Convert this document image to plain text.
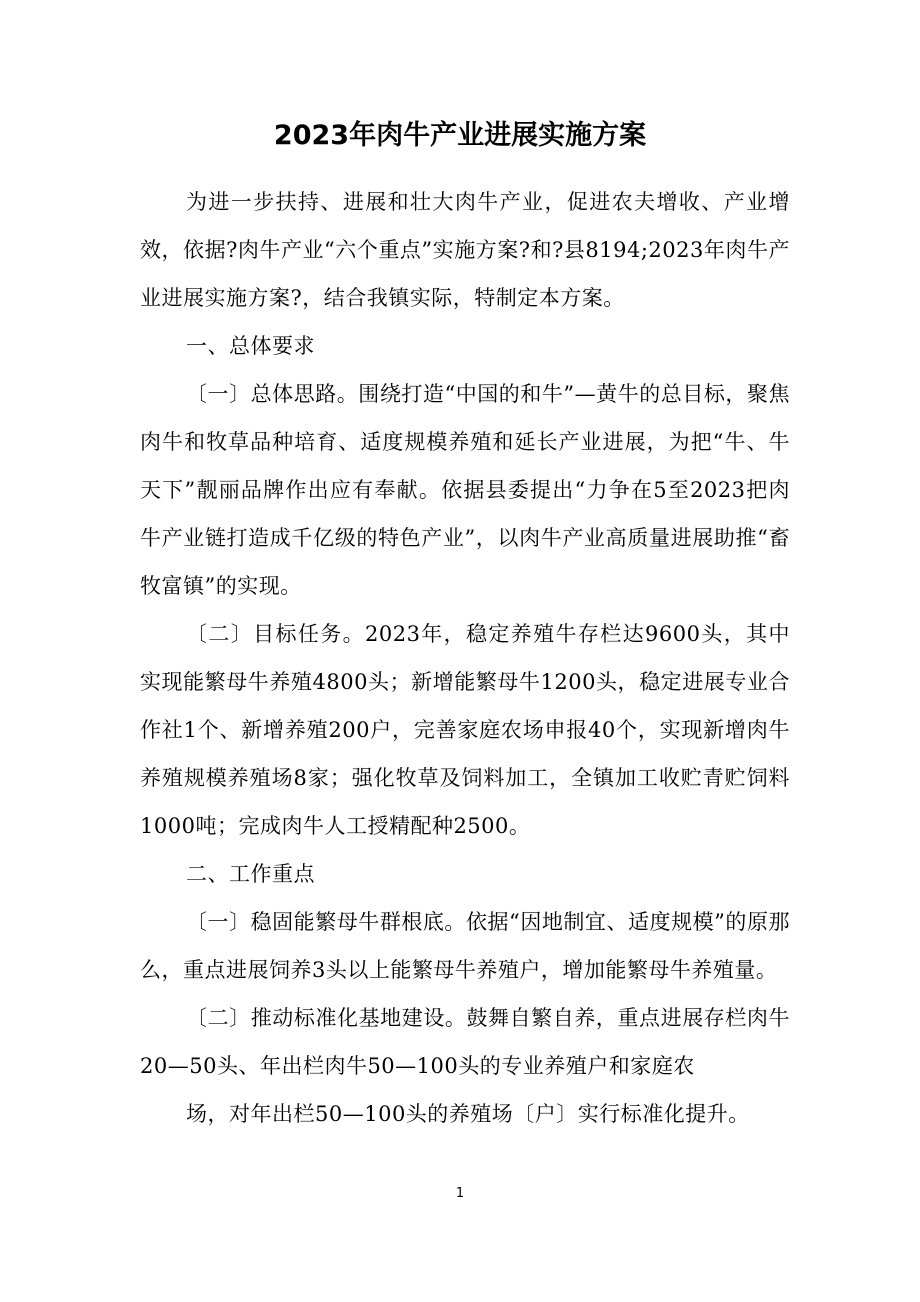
2023年肉牛产业进展实施方案

为进一步扶持、进展和壮大肉牛产业，促进农夫增收、产业增效，依据?肉牛产业“六个重点”实施方案?和?县8194;2023年肉牛产业进展实施方案?，结合我镇实际，特制定本方案。

一、总体要求

〔一〕总体思路。围绕打造“中国的和牛”—黄牛的总目标，聚焦肉牛和牧草品种培育、适度规模养殖和延长产业进展，为把“牛、牛天下”靓丽品牌作出应有奉献。依据县委提出“力争在5至2023把肉牛产业链打造成千亿级的特色产业”，以肉牛产业高质量进展助推“畜牧富镇”的实现。

〔二〕目标任务。2023年，稳定养殖牛存栏达9600头，其中实现能繁母牛养殖4800头；新增能繁母牛1200头，稳定进展专业合作社1个、新增养殖200户，完善家庭农场申报40个，实现新增肉牛养殖规模养殖场8家；强化牧草及饲料加工，全镇加工收贮青贮饲料1000吨；完成肉牛人工授精配种2500。

二、工作重点

〔一〕稳固能繁母牛群根底。依据“因地制宜、适度规模”的原那么，重点进展饲养3头以上能繁母牛养殖户，增加能繁母牛养殖量。

〔二〕推动标准化基地建设。鼓舞自繁自养，重点进展存栏肉牛20—50头、年出栏肉牛50—100头的专业养殖户和家庭农

场，对年出栏50—100头的养殖场〔户〕实行标准化提升。

1
